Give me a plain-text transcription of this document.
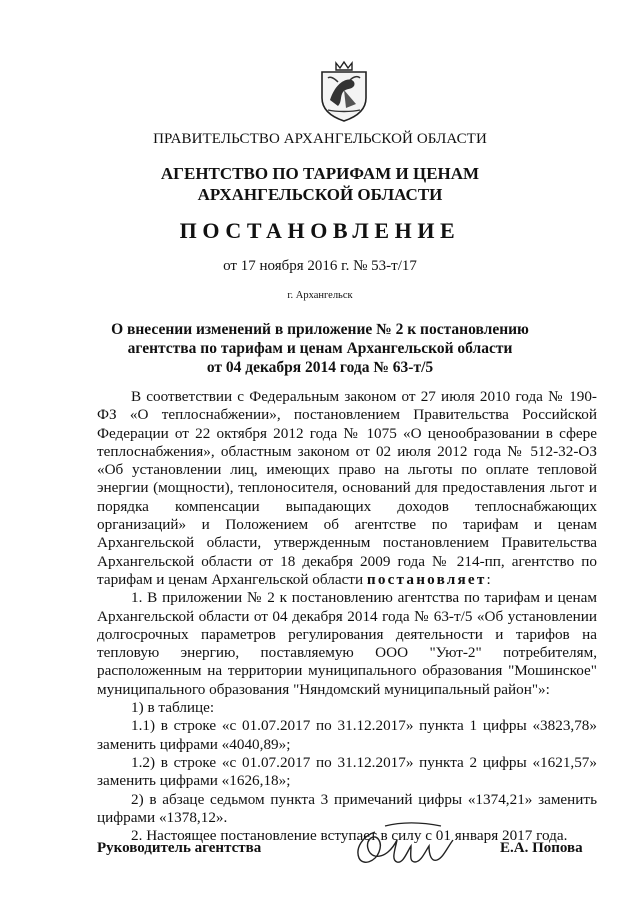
ПРАВИТЕЛЬСТВО АРХАНГЕЛЬСКОЙ ОБЛАСТИ
АГЕНТСТВО ПО ТАРИФАМ И ЦЕНАМ
АРХАНГЕЛЬСКОЙ ОБЛАСТИ
ПОСТАНОВЛЕНИЕ
от 17 ноября 2016 г. № 53-т/17
г. Архангельск
О внесении изменений в приложение № 2 к постановлению
агентства по тарифам и ценам Архангельской области
от 04 декабря 2014 года № 63-т/5

В соответствии с Федеральным законом от 27 июля 2010 года № 190-ФЗ «О теплоснабжении», постановлением Правительства Российской Федерации от 22 октября 2012 года № 1075 «О ценообразовании в сфере теплоснабжения», областным законом от 02 июля 2012 года № 512-32-ОЗ «Об установлении лиц, имеющих право на льготы по оплате тепловой энергии (мощности), теплоносителя, оснований для предоставления льгот и порядка компенсации выпадающих доходов теплоснабжающих организаций» и Положением об агентстве по тарифам и ценам Архангельской области, утвержденным постановлением Правительства Архангельской области от 18 декабря 2009 года № 214-пп, агентство по тарифам и ценам Архангельской области постановляет:

1. В приложении № 2 к постановлению агентства по тарифам и ценам Архангельской области от 04 декабря 2014 года № 63-т/5 «Об установлении долгосрочных параметров регулирования деятельности и тарифов на тепловую энергию, поставляемую ООО "Уют-2" потребителям, расположенным на территории муниципального образования "Мошинское" муниципального образования "Няндомский муниципальный район"»:

1) в таблице:

1.1) в строке «с 01.07.2017 по 31.12.2017» пункта 1 цифры «3823,78» заменить цифрами «4040,89»;

1.2) в строке «с 01.07.2017 по 31.12.2017» пункта 2 цифры «1621,57» заменить цифрами «1626,18»;

2) в абзаце седьмом пункта 3 примечаний цифры «1374,21» заменить цифрами «1378,12».

2. Настоящее постановление вступает в силу с 01 января 2017 года.

Руководитель агентства	Е.А. Попова
